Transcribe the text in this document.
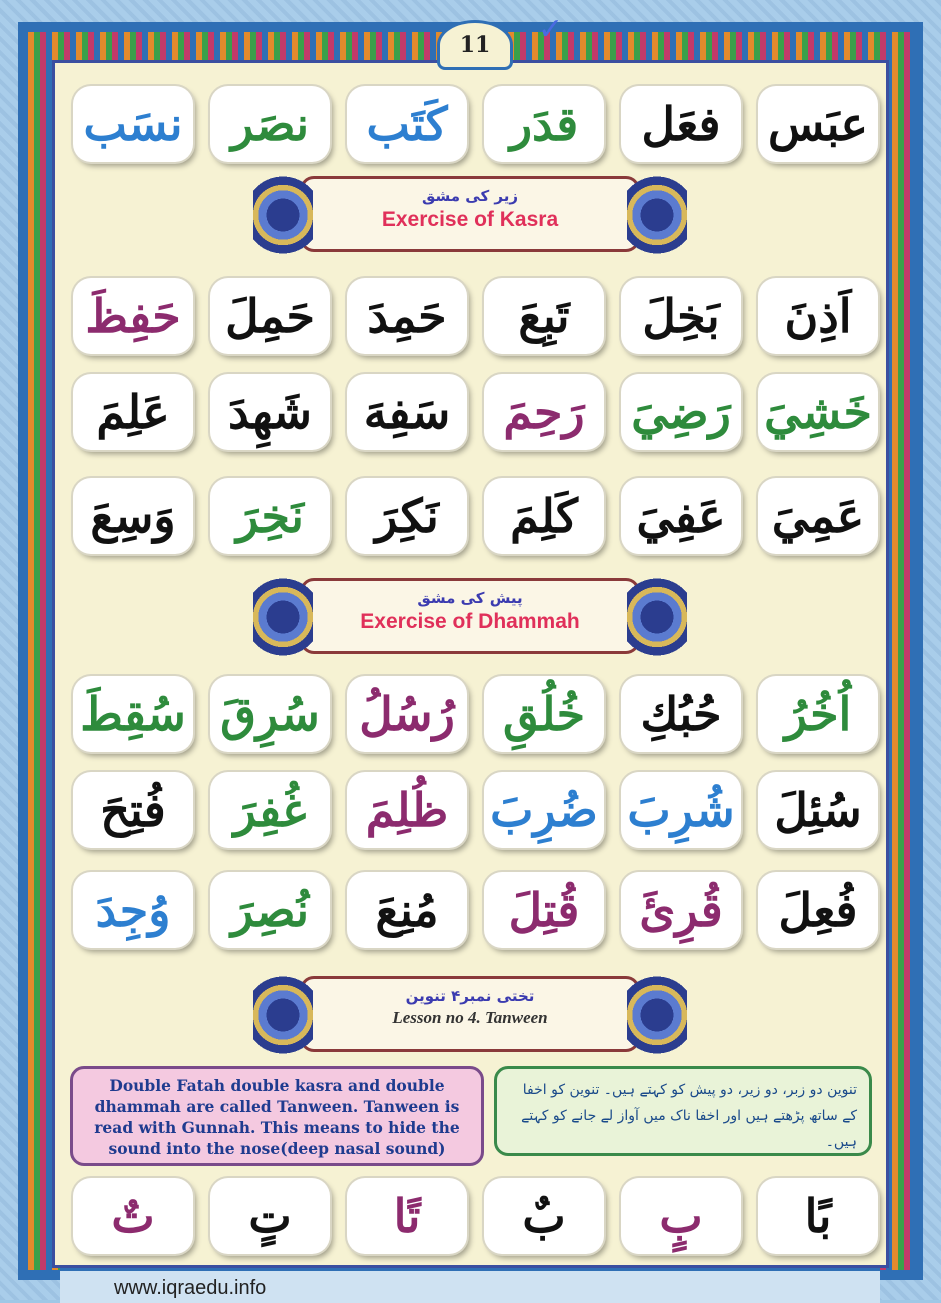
11	✓
عبَس
فعَل
قدَر
كَتَب
نصَر
نسَب
زیر کی مشق
Exercise of Kasra
اَذِنَ
بَخِلَ
تَبِعَ
حَمِدَ
حَمِلَ
حَفِظَ
خَشِيَ
رَضِيَ
رَحِمَ
سَفِهَ
شَهِدَ
عَلِمَ
عَمِيَ
عَفِيَ
كَلِمَ
نَكِرَ
نَخِرَ
وَسِعَ
پیش کی مشق
Exercise of Dhammah
اُخُرُ
حُبُكِ
خُلُقِ
رُسُلُ
سُرِقَ
سُقِطَ
سُئِلَ
شُرِبَ
ضُرِبَ
ظُلِمَ
غُفِرَ
فُتِحَ
فُعِلَ
قُرِئَ
قُتِلَ
مُنِعَ
نُصِرَ
وُجِدَ
تختی نمبر۴ تنوین
Lesson no 4. Tanween
Double Fatah double kasra and double dhammah are called Tanween. Tanween is read with Gunnah. This means to hide the sound into the nose(deep nasal sound)
تنوین دو زبر، دو زیر، دو پیش کو کہتے ہیں۔ تنوین کو اخفا کے ساتھ پڑھتے ہیں اور اخفا ناک میں آواز لے جانے کو کہتے ہیں۔
بًا
بٍ
بٌ
تًا
تٍ
تٌ
www.iqraedu.info
